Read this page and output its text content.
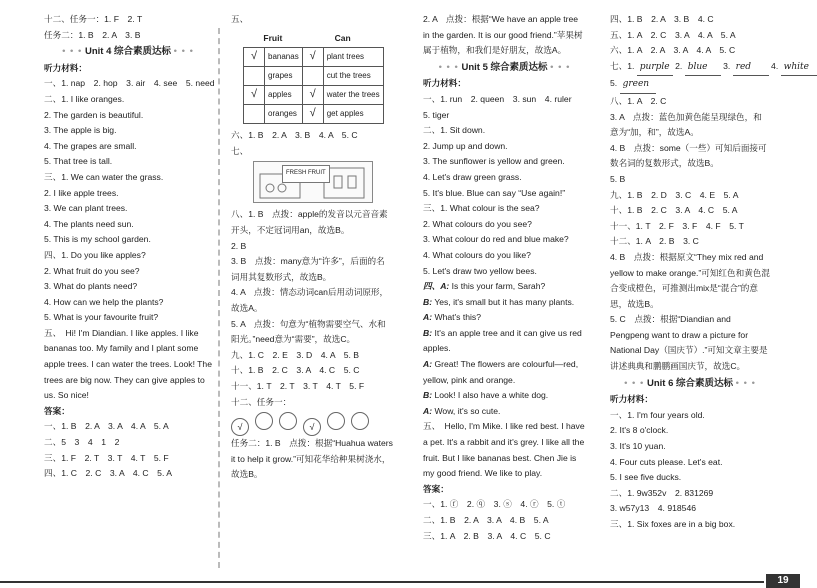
十二、任务一：1. F　2. T
任务二：1. B　2. A　3. B
• • • Unit 4 综合素质达标 • • •
听力材料：
一、1. nap　2. hop　3. air　4. see　5. need
二、1. I like oranges.
2. The garden is beautiful.
3. The apple is big.
4. The grapes are small.
5. That tree is tall.
三、1. We can water the grass.
2. I like apple trees.
3. We can plant trees.
4. The plants need sun.
5. This is my school garden.
四、1. Do you like apples?
2. What fruit do you see?
3. What do plants need?
4. How can we help the plants?
5. What is your favourite fruit?
五、　Hi! I'm Diandian. I like apples. I like bananas too. My family and I plant some apple trees. I can water the trees. Look! The trees are big now. They can give apples to us. So nice!
答案：
一、1. B　2. A　3. A　4. A　5. A
二、5　3　4　1　2
三、1. F　2. T　3. T　4. T　5. F
四、1. C　2. C　3. A　4. C　5. A
五、
Fruit		Can	
√	bananas	√	plant trees
	grapes		cut the trees
√	apples	√	water the trees
	oranges	√	get apples
六、1. B　2. A　3. B　4. A　5. C
七、
FRESH FRUIT
八、1. B　点拨：apple的发音以元音音素开头，不定冠词用an，故选B。
2. B
3. B　点拨：many意为“许多”，后面的名词用其复数形式，故选B。
4. A　点拨：情态动词can后用动词原形，故选A。
5. A　点拨：句意为“植物需要空气、水和阳光。”need意为“需要”，故选C。
九、1. C　2. E　3. D　4. A　5. B
十、1. B　2. C　3. A　4. C　5. C
十一、1. T　2. T　3. T　4. T　5. F
十二、任务一：
√	√
任务二：1. B　点拨：根据“Huahua waters it to help it grow.”可知花华给种果树浇水，故选B。
2. A　点拨：根据“We have an apple tree in the garden. It is our good friend.”苹果树属于植物，和我们是好朋友，故选A。
• • • Unit 5 综合素质达标 • • •
听力材料：
一、1. run　2. queen　3. sun　4. ruler
5. tiger
二、1. Sit down.
2. Jump up and down.
3. The sunflower is yellow and green.
4. Let's draw green grass.
5. It's blue. Blue can say “Use again!”
三、1. What colour is the sea?
2. What colours do you see?
3. What colour do red and blue make?
4. What colours do you like?
5. Let's draw two yellow bees.
四、A: Is this your farm, Sarah?
B: Yes, it's small but it has many plants.
A: What's this?
B: It's an apple tree and it can give us red apples.
A: Great! The flowers are colourful—red, yellow, pink and orange.
B: Look! I also have a white dog.
A: Wow, it's so cute.
五、　Hello, I'm Mike. I like red best. I have a pet. It's a rabbit and it's grey. I like all the fruit. But I like bananas best. Chen Jie is my good friend. We like to play.
答案：
一、1. ⓕ　2. ⓠ　3. ⓢ　4. ⓡ　5. ⓣ
二、1. B　2. A　3. A　4. B　5. A
三、1. A　2. B　3. A　4. C　5. C
四、1. B　2. A　3. B　4. C
五、1. A　2. C　3. A　4. A　5. A
六、1. A　2. A　3. A　4. A　5. C
七、1. purple 2. blue 3. red 4. white
5. green
八、1. A　2. C
3. A　点拨：蓝色加黄色能呈现绿色，和意为“加，和”，故选A。
4. B　点拨：some（一些）可知后面接可数名词的复数形式，故选B。
5. B
九、1. B　2. D　3. C　4. E　5. A
十、1. B　2. C　3. A　4. C　5. A
十一、1. T　2. F　3. F　4. F　5. T
十二、1. A　2. B　3. C
4. B　点拨：根据原文“They mix red and yellow to make orange.”可知红色和黄色混合变成橙色，可推测出mix是“混合”的意思，故选B。
5. C　点拨：根据“Diandian and Pengpeng want to draw a picture for National Day（国庆节）.”可知文章主要是讲述典典和鹏鹏画国庆节，故选C。
• • • Unit 6 综合素质达标 • • •
听力材料：
一、1. I'm four years old.
2. It's 8 o'clock.
3. It's 10 yuan.
4. Four cuts please. Let's eat.
5. I see five ducks.
二、1. 9w352v　2. 831269
3. w57y13　4. 918546
三、1. Six foxes are in a big box.
19
